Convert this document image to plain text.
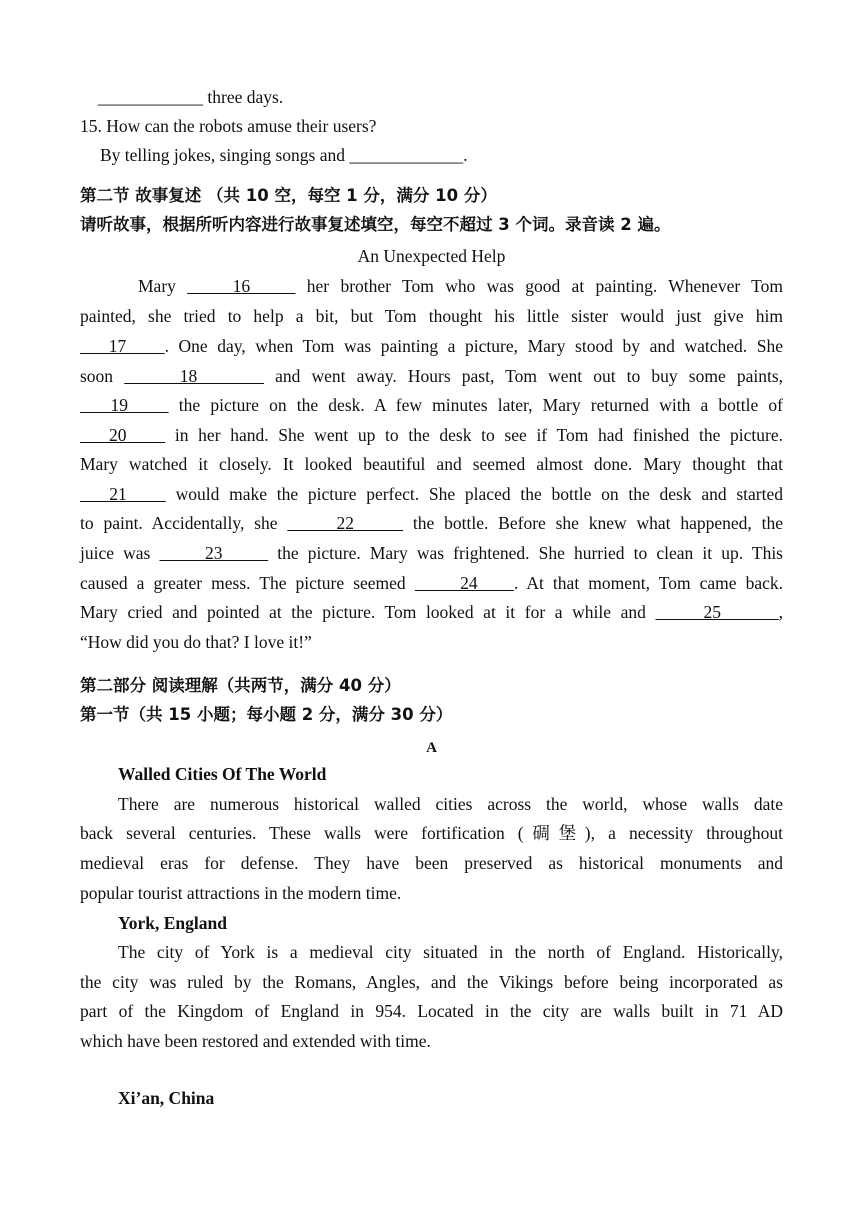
____________ three days.
15. How can the robots amuse their users?
By telling jokes, singing songs and _____________.
第二节 故事复述 （共 10 空，每空 1 分，满分 10 分）
请听故事，根据所听内容进行故事复述填空，每空不超过 3 个词。录音读 2 遍。
An Unexpected Help
Mary     16     her brother Tom who was good at painting. Whenever Tom
painted, she tried to help a bit, but Tom thought his little sister would just give him
17    . One day, when Tom was painting a picture, Mary stood by and watched. She
soon      18       and went away. Hours past, Tom went out to buy some paints,
19     the picture on the desk. A few minutes later, Mary returned with a bottle of
20     in her hand. She went up to the desk to see if Tom had finished the picture.
Mary watched it closely. It looked beautiful and seemed almost done. Mary thought that
21     would make the picture perfect. She placed the bottle on the desk and started
to paint. Accidentally, she      22      the bottle. Before she knew what happened, the
juice was      23      the picture. Mary was frightened. She hurried to clean it up. This
caused a greater mess. The picture seemed      24    . At that moment, Tom came back.
Mary cried and pointed at the picture. Tom looked at it for a while and      25      ,
“How did you do that? I love it!”
第二部分 阅读理解（共两节，满分 40 分）
第一节（共 15 小题；每小题 2 分，满分 30 分）
A
Walled Cities Of The World
There are numerous historical walled cities across the world, whose walls date
back several centuries. These walls were fortification (碉堡), a necessity throughout
medieval eras for defense. They have been preserved as historical monuments and
popular tourist attractions in the modern time.
York, England
The city of York is a medieval city situated in the north of England. Historically,
the city was ruled by the Romans, Angles, and the Vikings before being incorporated as
part of the Kingdom of England in 954. Located in the city are walls built in 71 AD
which have been restored and extended with time.
Xi’an, China
